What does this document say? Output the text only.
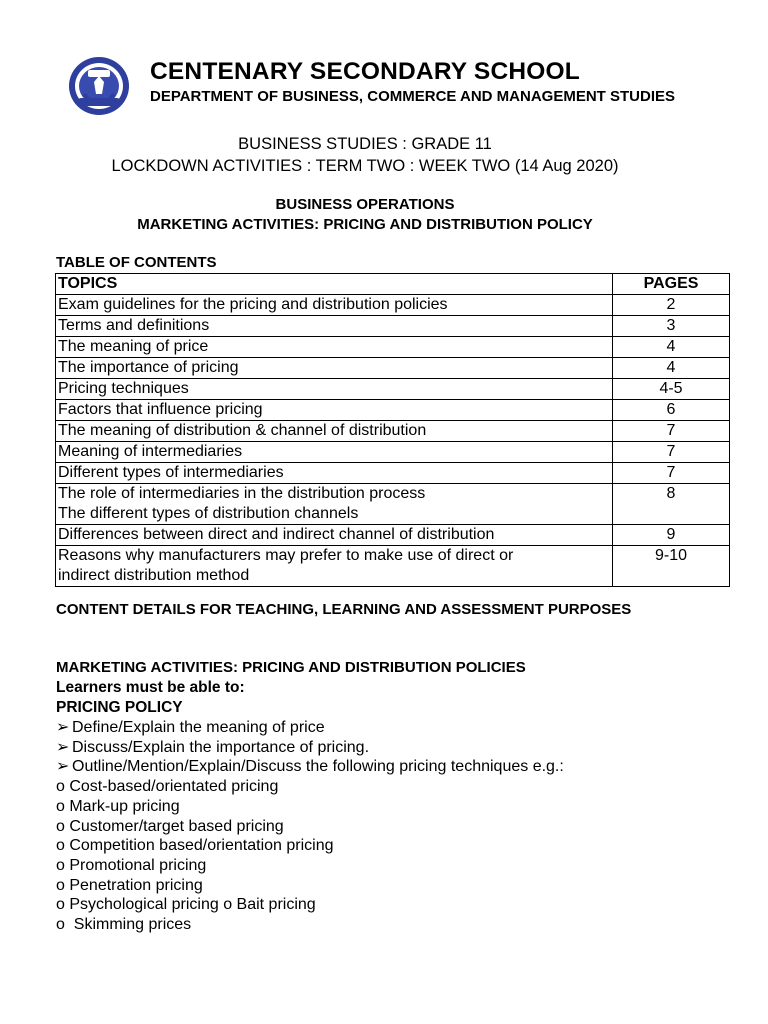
CENTENARY SECONDARY SCHOOL
DEPARTMENT OF BUSINESS, COMMERCE AND MANAGEMENT STUDIES
BUSINESS STUDIES : GRADE 11
LOCKDOWN ACTIVITIES : TERM TWO : WEEK TWO (14 Aug 2020)
BUSINESS OPERATIONS
MARKETING ACTIVITIES: PRICING AND DISTRIBUTION POLICY
TABLE OF CONTENTS
TOPICS	PAGES
Exam guidelines for the pricing and distribution policies	2
Terms and definitions	3
The meaning of price	4
The importance of pricing	4
Pricing techniques	4-5
Factors that influence pricing	6
The meaning of distribution & channel of distribution	7
Meaning of intermediaries	7
Different types of intermediaries	7

The role of intermediaries in the distribution process
The different types of distribution channels	8
Differences between direct and indirect channel of distribution	9

Reasons why manufacturers may prefer to make use of direct or
indirect distribution method	9-10
CONTENT DETAILS FOR TEACHING, LEARNING AND ASSESSMENT PURPOSES
MARKETING ACTIVITIES: PRICING AND DISTRIBUTION POLICIES
Learners must be able to:
PRICING POLICY
➢ Define/Explain the meaning of price
➢ Discuss/Explain the importance of pricing.
➢ Outline/Mention/Explain/Discuss the following pricing techniques e.g.:
o Cost-based/orientated pricing
o Mark-up pricing
o Customer/target based pricing
o Competition based/orientation pricing
o Promotional pricing
o Penetration pricing
o Psychological pricing o Bait pricing
o  Skimming prices
